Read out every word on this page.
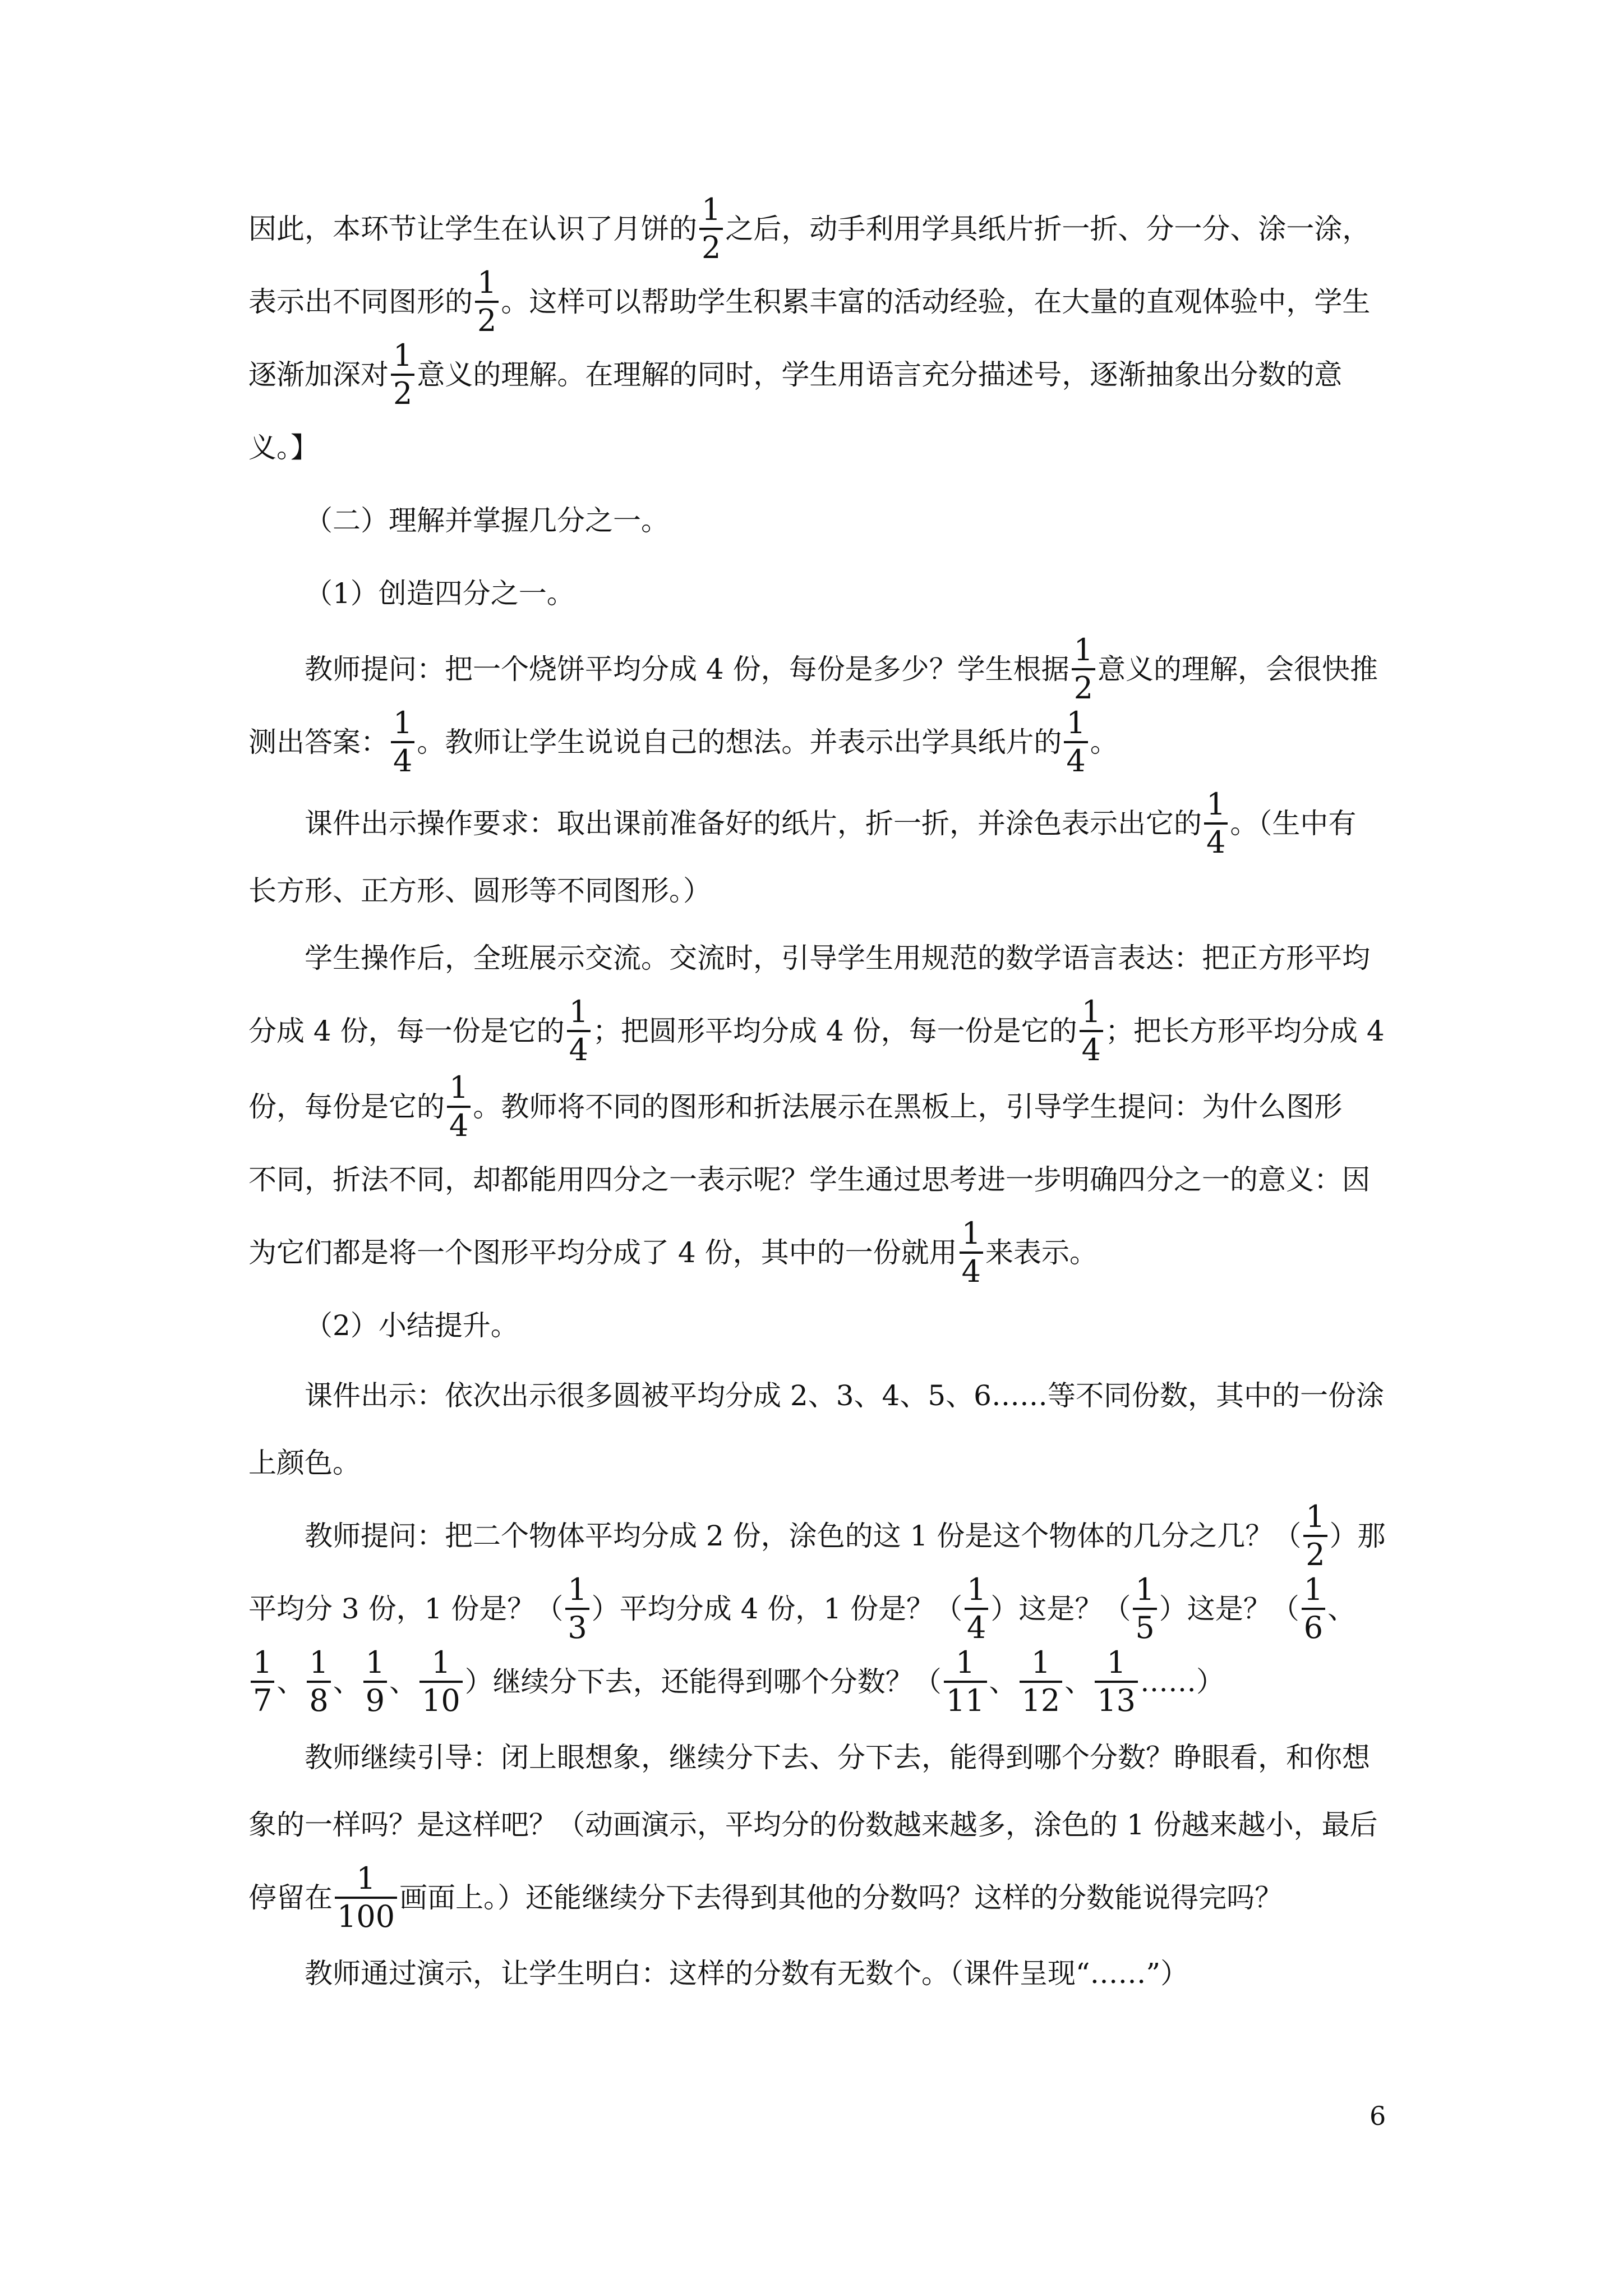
因此，本环节让学生在认识了月饼的 $\frac{1}{2}$ 之后，动手利用学具纸片折一折、分一分、涂一涂，
表示出不同图形的 $\frac{1}{2}$ 。这样可以帮助学生积累丰富的活动经验，在大量的直观体验中，学生
逐渐加深对 $\frac{1}{2}$ 意义的理解。在理解的同时，学生用语言充分描述号，逐渐抽象出分数的意
义。】
（二）理解并掌握几分之一。
（1）创造四分之一。
教师提问：把一个烧饼平均分成 4 份，每份是多少？学生根据 $\frac{1}{2}$ 意义的理解，会很快推
测出答案： $\frac{1}{4}$ 。教师让学生说说自己的想法。并表示出学具纸片的 $\frac{1}{4}$ 。
课件出示操作要求：取出课前准备好的纸片，折一折，并涂色表示出它的 $\frac{1}{4}$ 。（生中有
长方形、正方形、圆形等不同图形。）
学生操作后，全班展示交流。交流时，引导学生用规范的数学语言表达：把正方形平均
分成 4 份，每一份是它的 $\frac{1}{4}$ ；把圆形平均分成 4 份，每一份是它的 $\frac{1}{4}$ ；把长方形平均分成 4
份，每份是它的 $\frac{1}{4}$ 。教师将不同的图形和折法展示在黑板上，引导学生提问：为什么图形
不同，折法不同，却都能用四分之一表示呢？学生通过思考进一步明确四分之一的意义：因
为它们都是将一个图形平均分成了 4 份，其中的一份就用 $\frac{1}{4}$ 来表示。
（2）小结提升。
课件出示：依次出示很多圆被平均分成 2、3、4、5、6……等不同份数，其中的一份涂
上颜色。
教师提问：把二个物体平均分成 2 份，涂色的这 1 份是这个物体的几分之几？（ $\frac{1}{2}$ ）那
平均分 3 份，1 份是？（ $\frac{1}{3}$ ）平均分成 4 份，1 份是？（ $\frac{1}{4}$ ）这是？（ $\frac{1}{5}$ ）这是？（ $\frac{1}{6}$ 、
$\frac{1}{7}$ 、 $\frac{1}{8}$ 、 $\frac{1}{9}$ 、 $\frac{1}{10}$ ）继续分下去，还能得到哪个分数？（ $\frac{1}{11}$ 、 $\frac{1}{12}$ 、 $\frac{1}{13}$ ……）
教师继续引导：闭上眼想象，继续分下去、分下去，能得到哪个分数？睁眼看，和你想
象的一样吗？是这样吧？（动画演示，平均分的份数越来越多，涂色的 1 份越来越小，最后
停留在 $\frac{1}{100}$ 画面上。）还能继续分下去得到其他的分数吗？这样的分数能说得完吗？
教师通过演示，让学生明白：这样的分数有无数个。（课件呈现“……”）
6
